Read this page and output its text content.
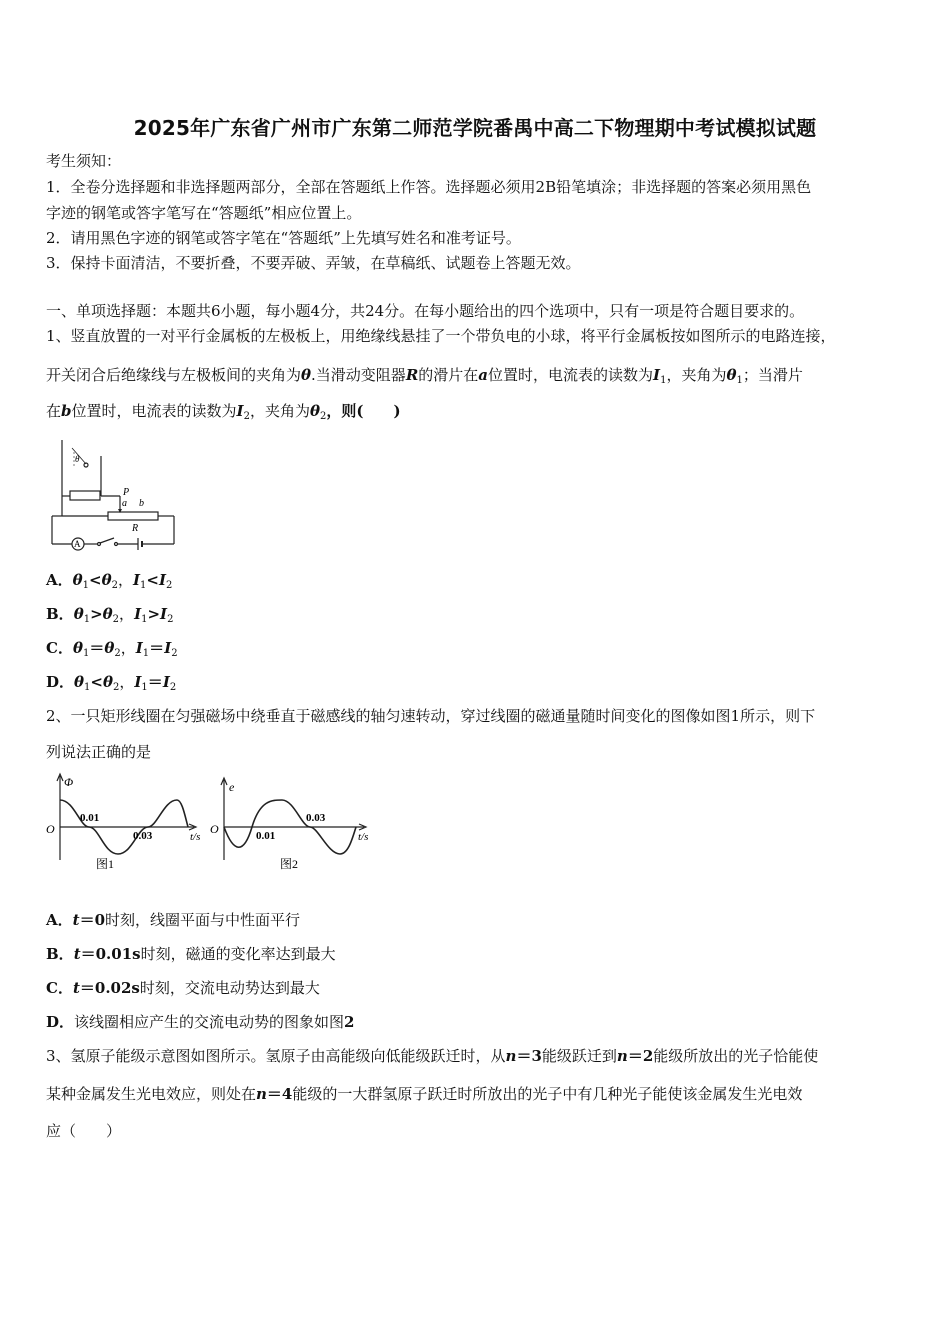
2025年广东省广州市广东第二师范学院番禺中高二下物理期中考试模拟试题
考生须知：
1．全卷分选择题和非选择题两部分，全部在答题纸上作答。选择题必须用2B铅笔填涂；非选择题的答案必须用黑色
字迹的钢笔或答字笔写在“答题纸”相应位置上。
2．请用黑色字迹的钢笔或答字笔在“答题纸”上先填写姓名和准考证号。
3．保持卡面清洁，不要折叠，不要弄破、弄皱，在草稿纸、试题卷上答题无效。
一、单项选择题：本题共6小题，每小题4分，共24分。在每小题给出的四个选项中，只有一项是符合题目要求的。
1、竖直放置的一对平行金属板的左极板上，用绝缘线悬挂了一个带负电的小球，将平行金属板按如图所示的电路连接，
开关闭合后绝缘线与左极板间的夹角为θ.当滑动变阻器R的滑片在a位置时，电流表的读数为$I_1$，夹角为$\theta_1$；当滑片
在b位置时，电流表的读数为$I_2$，夹角为$\theta_2$，则(　　)
θ
P
a b
R
A
A．$\theta_1<\theta_2$，$I_1<I_2$
B．$\theta_1>\theta_2$，$I_1>I_2$
C．$\theta_1=\theta_2$，$I_1=I_2$
D．$\theta_1<\theta_2$，$I_1=I_2$
2、一只矩形线圈在匀强磁场中绕垂直于磁感线的轴匀速转动，穿过线圈的磁通量随时间变化的图像如图1所示，则下
列说法正确的是
Φ
O
0.01
0.03	t/s
图1
e
O	0.01
0.03
t/s
图2
A．t＝0时刻，线圈平面与中性面平行
B．t＝0.01s时刻，磁通的变化率达到最大
C．t＝0.02s时刻，交流电动势达到最大
D．该线圈相应产生的交流电动势的图象如图2
3、氢原子能级示意图如图所示。氢原子由高能级向低能级跃迁时，从n＝3能级跃迁到n＝2能级所放出的光子恰能使
某种金属发生光电效应，则处在n＝4能级的一大群氢原子跃迁时所放出的光子中有几种光子能使该金属发生光电效
应（　　）
